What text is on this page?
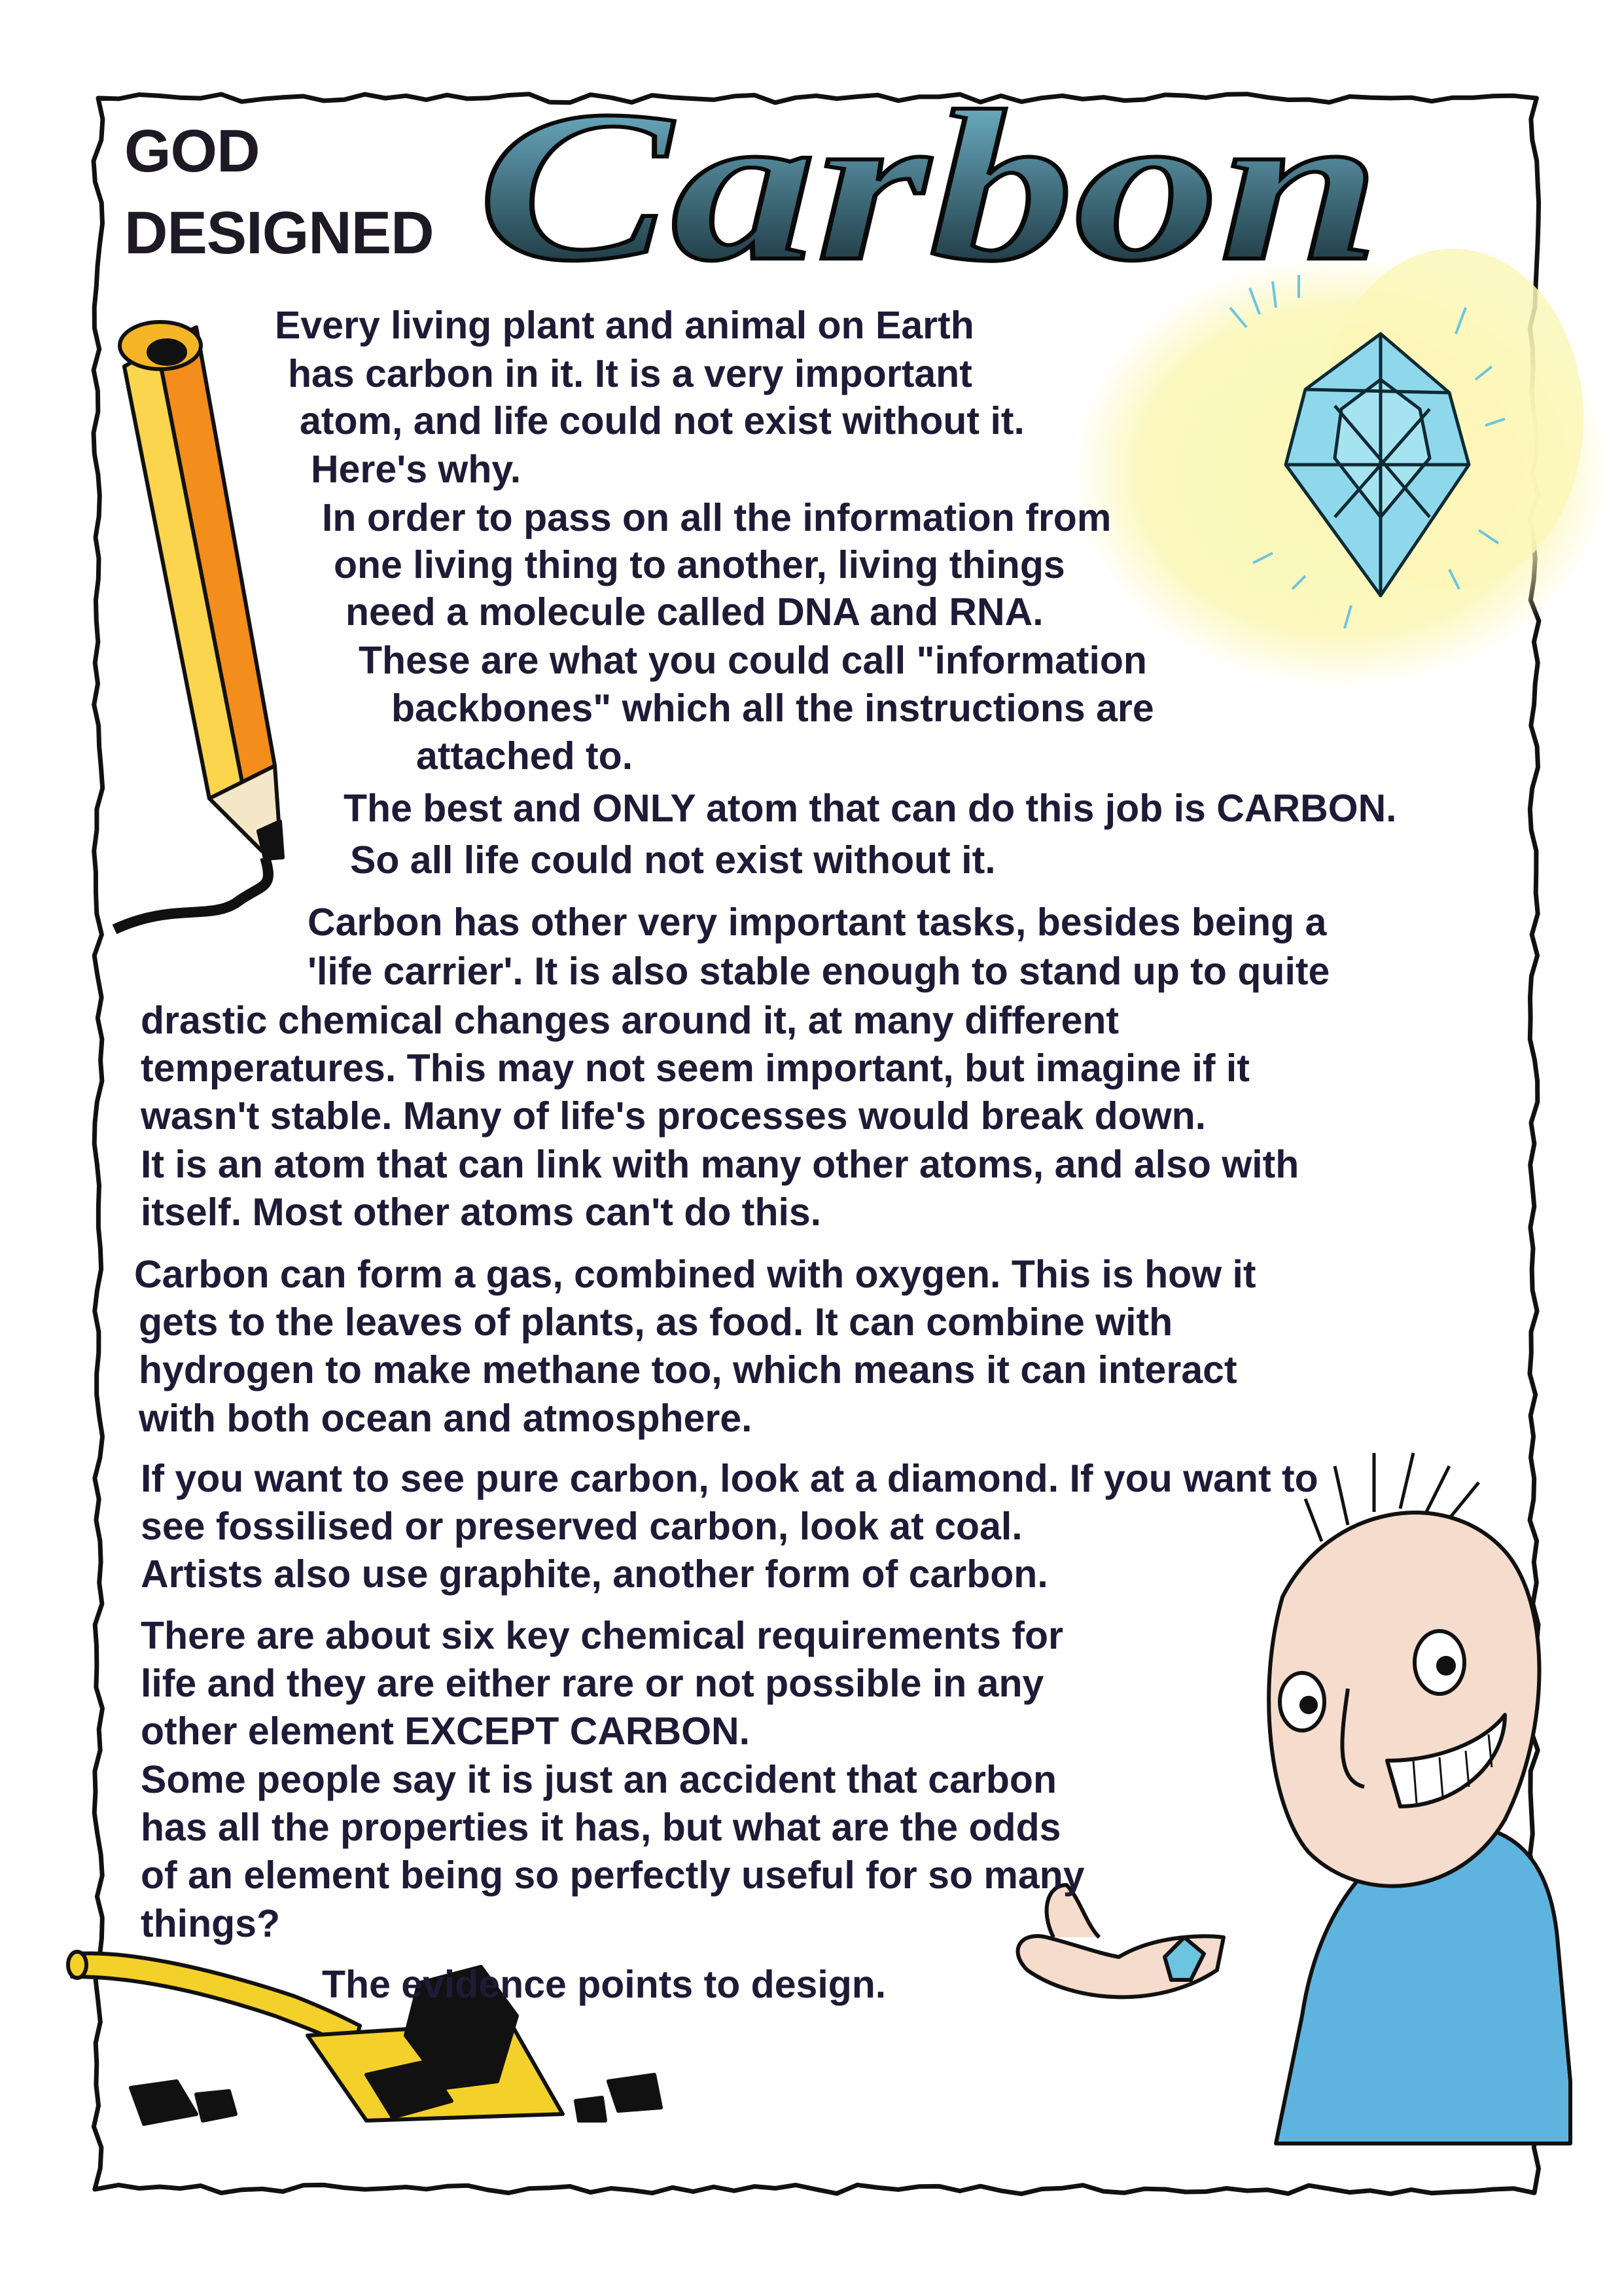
Carbon
GOD
DESIGNED

Every living plant and animal on Earth

has carbon in it. It is a very important

atom, and life could not exist without it.

Here's why.

In order to pass on all the information from

one living thing to another, living things

need a molecule called DNA and RNA.

These are what you could call "information

backbones" which all the instructions are

attached to.

The best and ONLY atom that can do this job is CARBON.

So all life could not exist without it.

Carbon has other very important tasks, besides being a

'life carrier'. It is also stable enough to stand up to quite

drastic chemical changes around it, at many different

temperatures. This may not seem important, but imagine if it

wasn't stable. Many of life's processes would break down.

It is an atom that can link with many other atoms, and also with

itself. Most other atoms can't do this.

Carbon can form a gas, combined with oxygen. This is how it

gets to the leaves of plants, as food. It can combine with

hydrogen to make methane too, which means it can interact

with both ocean and atmosphere.

If you want to see pure carbon, look at a diamond. If you want to

see fossilised or preserved carbon, look at coal.

Artists also use graphite, another form of carbon.

There are about six key chemical requirements for

life and they are either rare or not possible in any

other element EXCEPT CARBON.

Some people say it is just an accident that carbon

has all the properties it has, but what are the odds

of an element being so perfectly useful for so many

things?

The evidence points to design.
